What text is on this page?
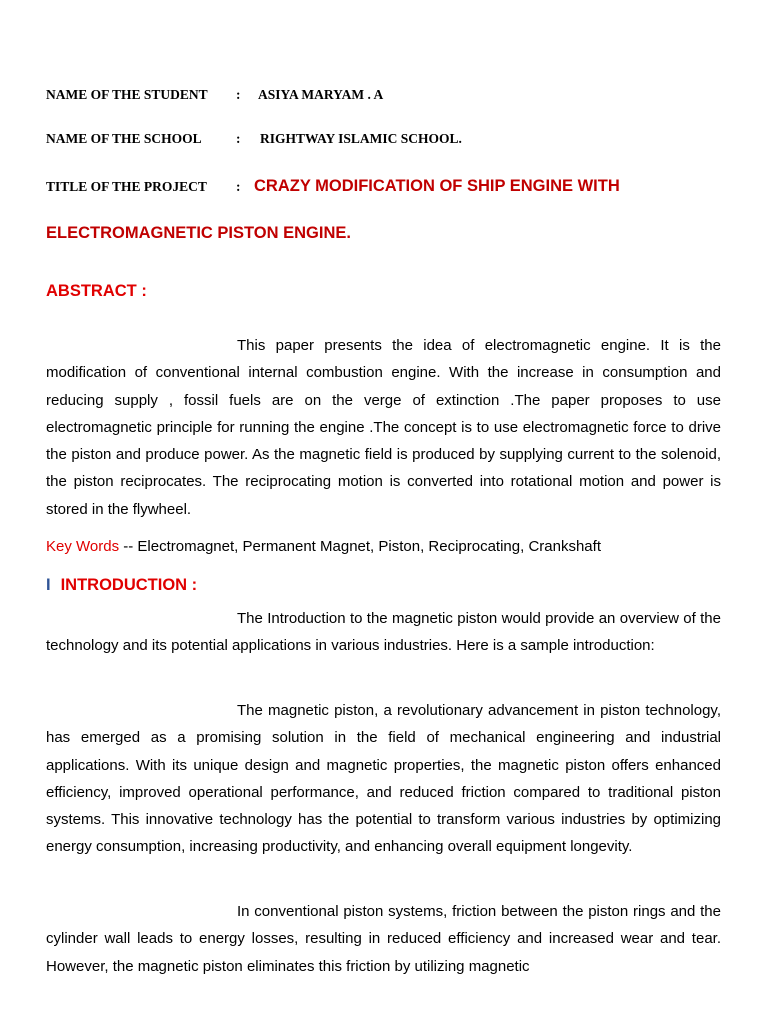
NAME OF THE STUDENT : ASIYA MARYAM . A
NAME OF THE SCHOOL	: RIGHTWAY ISLAMIC SCHOOL.
TITLE OF THE PROJECT : CRAZY MODIFICATION OF SHIP ENGINE WITH
ELECTROMAGNETIC PISTON ENGINE.
ABSTRACT :

This paper presents the idea of electromagnetic engine. It is the modification of conventional internal combustion engine. With the increase in consumption and reducing supply , fossil fuels are on the verge of extinction .The paper proposes to use electromagnetic principle for running the engine .The concept is to use electromagnetic force to drive the piston and produce power. As the magnetic field is produced by supplying current to the solenoid, the piston reciprocates. The reciprocating motion is converted into rotational motion and power is stored in the flywheel.

Key Words -- Electromagnet, Permanent Magnet, Piston, Reciprocating, Crankshaft
I INTRODUCTION :

The Introduction to the magnetic piston would provide an overview of the technology and its potential applications in various industries. Here is a sample introduction:

The magnetic piston, a revolutionary advancement in piston technology, has emerged as a promising solution in the field of mechanical engineering and industrial applications. With its unique design and magnetic properties, the magnetic piston offers enhanced efficiency, improved operational performance, and reduced friction compared to traditional piston systems. This innovative technology has the potential to transform various industries by optimizing energy consumption, increasing productivity, and enhancing overall equipment longevity.

In conventional piston systems, friction between the piston rings and the cylinder wall leads to energy losses, resulting in reduced efficiency and increased wear and tear. However, the magnetic piston eliminates this friction by utilizing magnetic
